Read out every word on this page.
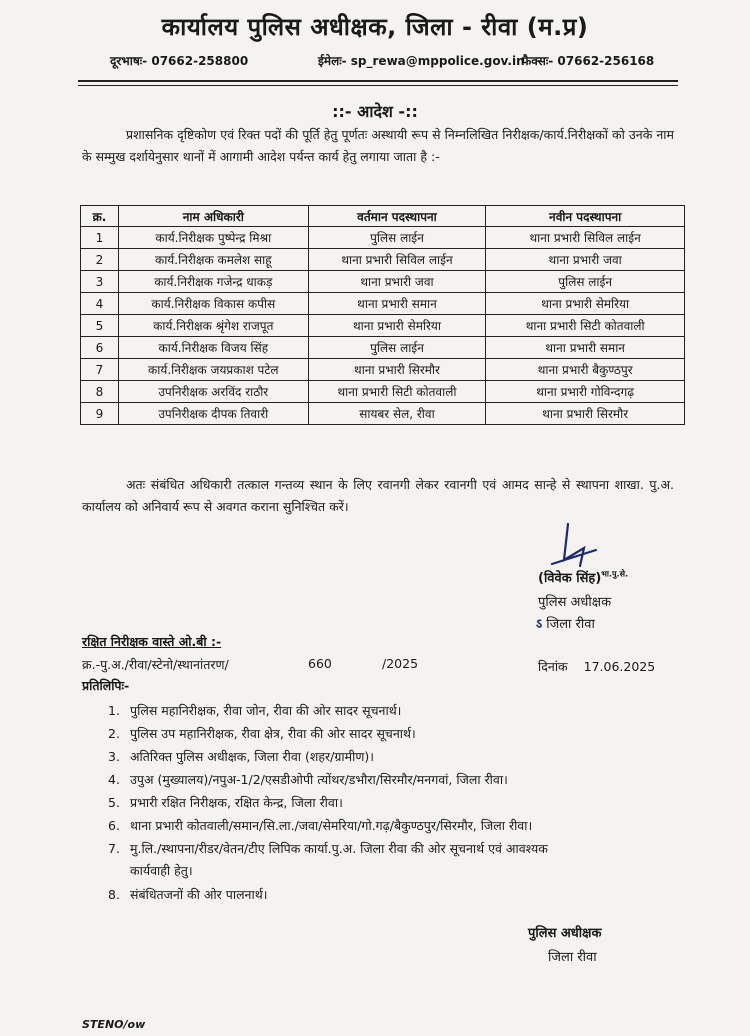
कार्यालय पुलिस अधीक्षक, जिला - रीवा (म.प्र)
दूरभाषः- 07662-258800	ईमेलः- sp_rewa@mppolice.gov.in
फैक्सः- 07662-256168
::- आदेश -::
प्रशासनिक दृष्टिकोण एवं रिक्त पदों की पूर्ति हेतु पूर्णतः अस्थायी रूप से निम्नलिखित निरीक्षक/कार्य.निरीक्षकों को उनके नाम के सम्मुख दर्शायेनुसार थानों में आगामी आदेश पर्यन्त कार्य हेतु लगाया जाता है :-
क्र.	नाम अधिकारी	वर्तमान पदस्थापना	नवीन पदस्थापना
1	कार्य.निरीक्षक पुष्पेन्द्र मिश्रा	पुलिस लाईन	थाना प्रभारी सिविल लाईन
2	कार्य.निरीक्षक कमलेश साहू	थाना प्रभारी सिविल लाईन	थाना प्रभारी जवा
3	कार्य.निरीक्षक गजेन्द्र धाकड़	थाना प्रभारी जवा	पुलिस लाईन
4	कार्य.निरीक्षक विकास कपीस	थाना प्रभारी समान	थाना प्रभारी सेमरिया
5	कार्य.निरीक्षक श्रृंगेश राजपूत	थाना प्रभारी सेमरिया	थाना प्रभारी सिटी कोतवाली
6	कार्य.निरीक्षक विजय सिंह	पुलिस लाईन	थाना प्रभारी समान
7	कार्य.निरीक्षक जयप्रकाश पटेल	थाना प्रभारी सिरमौर	थाना प्रभारी बैकुण्ठपुर
8	उपनिरीक्षक अरविंद राठौर	थाना प्रभारी सिटी कोतवाली	थाना प्रभारी गोविन्दगढ़
9	उपनिरीक्षक दीपक तिवारी	सायबर सेल, रीवा	थाना प्रभारी सिरमौर
अतः संबंधित अधिकारी तत्काल गन्तव्य स्थान के लिए रवानगी लेकर रवानगी एवं आमद सान्हे से स्थापना शाखा. पु.अ. कार्यालय को अनिवार्य रूप से अवगत कराना सुनिश्चित करें।
(विवेक सिंह)$^{भा.पु.से.}$
पुलिस अधीक्षक
ऽ जिला रीवा
रक्षित निरीक्षक वास्ते ओ.बी :-
क्र.-पु.अ./रीवा/स्टेनो/स्थानांतरण/	660	/2025	दिनांक 17.06.2025
प्रतिलिपिः-
1. पुलिस महानिरीक्षक, रीवा जोन, रीवा की ओर सादर सूचनार्थ।
2. पुलिस उप महानिरीक्षक, रीवा क्षेत्र, रीवा की ओर सादर सूचनार्थ।
3. अतिरिक्त पुलिस अधीक्षक, जिला रीवा (शहर/ग्रामीण)।
4. उपुअ (मुख्यालय)/नपुअ-1/2/एसडीओपी त्योंथर/डभौरा/सिरमौर/मनगवां, जिला रीवा।
5. प्रभारी रक्षित निरीक्षक, रक्षित केन्द्र, जिला रीवा।
6. थाना प्रभारी कोतवाली/समान/सि.ला./जवा/सेमरिया/गो.गढ़/बैकुण्ठपुर/सिरमौर, जिला रीवा।
7. मु.लि./स्थापना/रीडर/वेतन/टीए लिपिक कार्या.पु.अ. जिला रीवा की ओर सूचनार्थ एवं आवश्यक
कार्यवाही हेतु।
8. संबंधितजनों की ओर पालनार्थ।
पुलिस अधीक्षक
जिला रीवा
STENO/ow
